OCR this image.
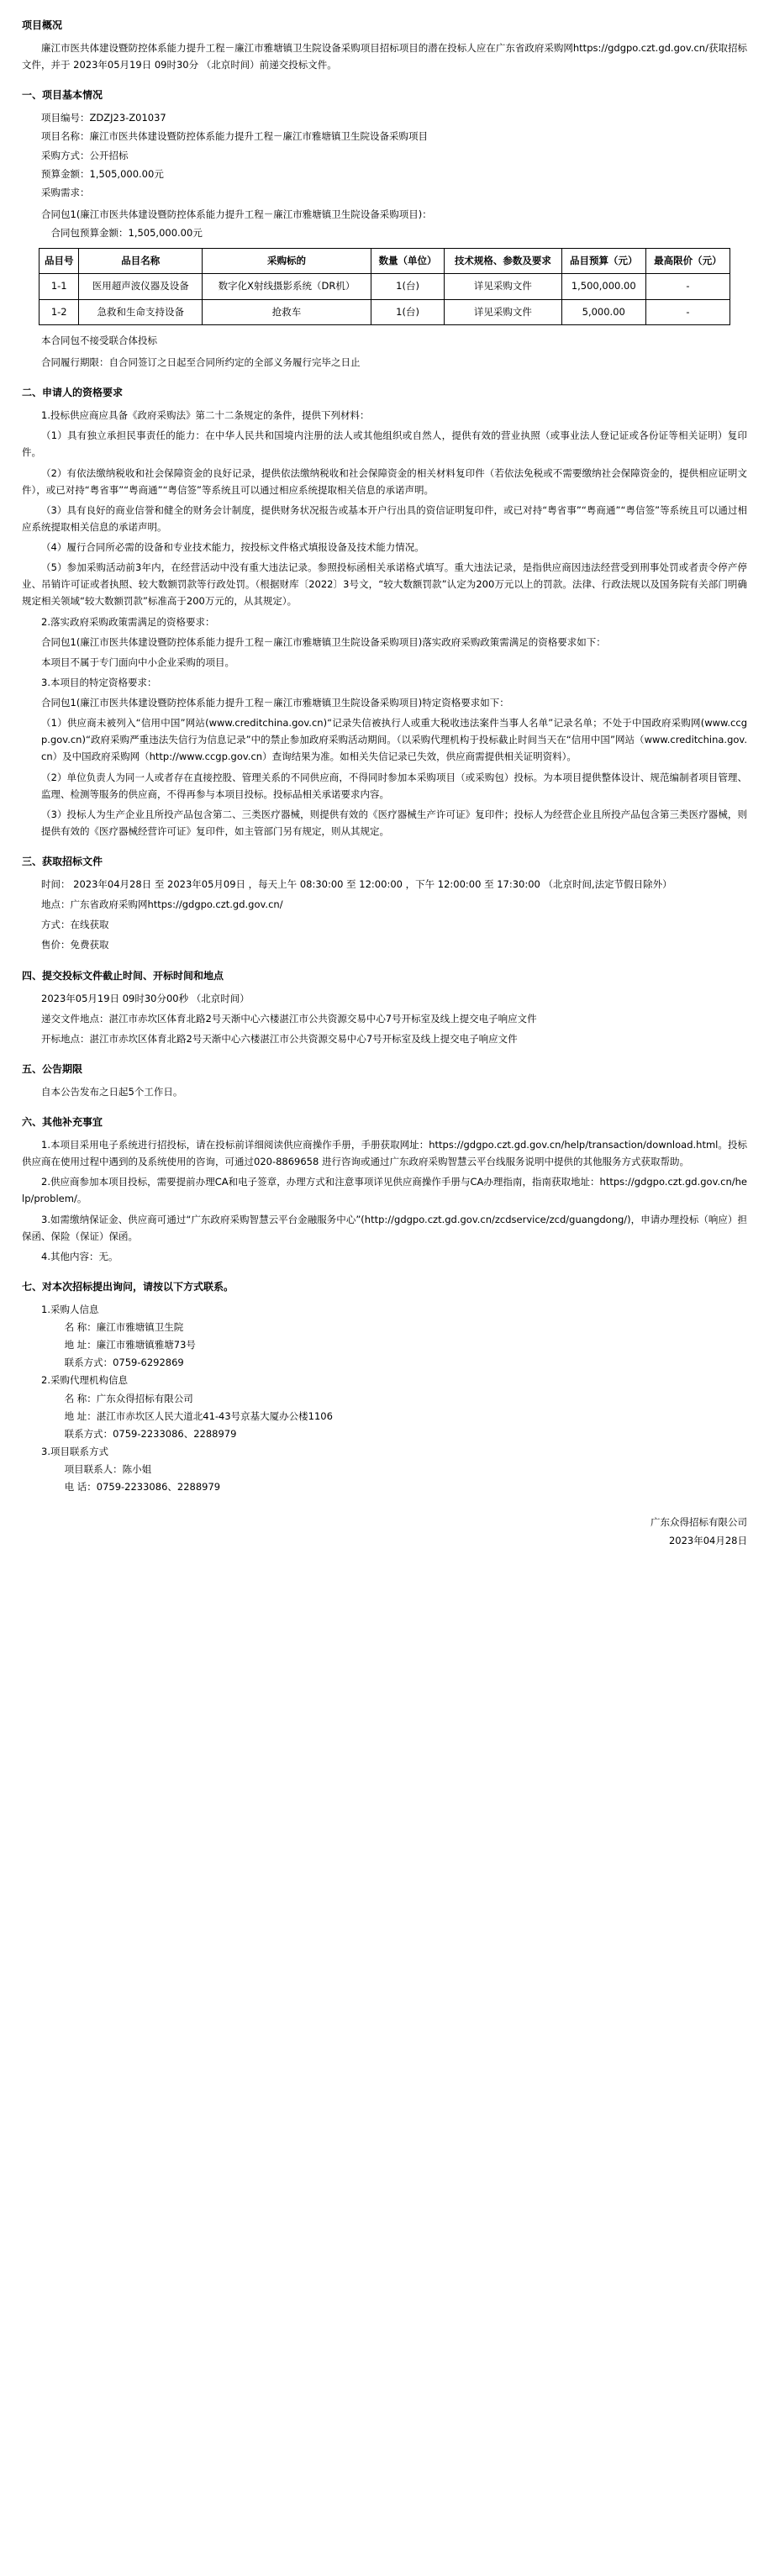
项目概况

廉江市医共体建设暨防控体系能力提升工程－廉江市雅塘镇卫生院设备采购项目招标项目的潜在投标人应在广东省政府采购网https://gdgpo.czt.gd.gov.cn/获取招标文件，并于 2023年05月19日 09时30分 （北京时间）前递交投标文件。

一、项目基本情况

项目编号：ZDZJ23-Z01037

项目名称：廉江市医共体建设暨防控体系能力提升工程－廉江市雅塘镇卫生院设备采购项目

采购方式：公开招标

预算金额：1,505,000.00元

采购需求：

合同包1(廉江市医共体建设暨防控体系能力提升工程－廉江市雅塘镇卫生院设备采购项目)：

合同包预算金额：1,505,000.00元

品目号	品目名称	采购标的	数量（单位）	技术规格、参数及要求	品目预算（元）	最高限价（元）
1-1	医用超声波仪器及设备	数字化X射线摄影系统（DR机）	1(台)	详见采购文件	1,500,000.00	-
1-2	急救和生命支持设备	抢救车	1(台)	详见采购文件	5,000.00	-

本合同包不接受联合体投标

合同履行期限：自合同签订之日起至合同所约定的全部义务履行完毕之日止

二、申请人的资格要求

1.投标供应商应具备《政府采购法》第二十二条规定的条件，提供下列材料：

（1）具有独立承担民事责任的能力：在中华人民共和国境内注册的法人或其他组织或自然人，提供有效的营业执照（或事业法人登记证或各份证等相关证明）复印件。

（2）有依法缴纳税收和社会保障资金的良好记录，提供依法缴纳税收和社会保障资金的相关材料复印件（若依法免税或不需要缴纳社会保障资金的，提供相应证明文件），或已对持“粤省事”“粤商通”“粤信签”等系统且可以通过相应系统提取相关信息的承诺声明。

（3）具有良好的商业信誉和健全的财务会计制度，提供财务状况报告或基本开户行出具的资信证明复印件，或已对持“粤省事”“粤商通”“粤信签”等系统且可以通过相应系统提取相关信息的承诺声明。

（4）履行合同所必需的设备和专业技术能力，按投标文件格式填报设备及技术能力情况。

（5）参加采购活动前3年内，在经营活动中没有重大违法记录。参照投标函相关承诺格式填写。重大违法记录，是指供应商因违法经营受到刑事处罚或者责令停产停业、吊销许可证或者执照、较大数额罚款等行政处罚。（根据财库〔2022〕3号文，“较大数额罚款”认定为200万元以上的罚款。法律、行政法规以及国务院有关部门明确规定相关领域“较大数额罚款”标准高于200万元的，从其规定）。

2.落实政府采购政策需满足的资格要求：

合同包1(廉江市医共体建设暨防控体系能力提升工程－廉江市雅塘镇卫生院设备采购项目)落实政府采购政策需满足的资格要求如下：

本项目不属于专门面向中小企业采购的项目。

3.本项目的特定资格要求：

合同包1(廉江市医共体建设暨防控体系能力提升工程－廉江市雅塘镇卫生院设备采购项目)特定资格要求如下：

（1）供应商未被列入“信用中国”网站(www.creditchina.gov.cn)“记录失信被执行人或重大税收违法案件当事人名单”记录名单；不处于中国政府采购网(www.ccgp.gov.cn)“政府采购严重违法失信行为信息记录”中的禁止参加政府采购活动期间。（以采购代理机构于投标截止时间当天在“信用中国”网站（www.creditchina.gov.cn）及中国政府采购网（http://www.ccgp.gov.cn）查询结果为准。如相关失信记录已失效，供应商需提供相关证明资料）。

（2）单位负责人为同一人或者存在直接控股、管理关系的不同供应商，不得同时参加本采购项目（或采购包）投标。为本项目提供整体设计、规范编制者项目管理、监理、检测等服务的供应商，不得再参与本项目投标。投标品相关承诺要求内容。

（3）投标人为生产企业且所投产品包含第二、三类医疗器械，则提供有效的《医疗器械生产许可证》复印件；投标人为经营企业且所投产品包含第三类医疗器械，则提供有效的《医疗器械经营许可证》复印件，如主管部门另有规定，则从其规定。

三、获取招标文件

时间： 2023年04月28日 至 2023年05月09日 ，每天上午 08:30:00 至 12:00:00 ，下午 12:00:00 至 17:30:00 （北京时间,法定节假日除外）

地点：广东省政府采购网https://gdgpo.czt.gd.gov.cn/

方式：在线获取

售价：免费获取

四、提交投标文件截止时间、开标时间和地点

2023年05月19日 09时30分00秒 （北京时间）

递交文件地点：湛江市赤坎区体育北路2号天渐中心六楼湛江市公共资源交易中心7号开标室及线上提交电子响应文件

开标地点：湛江市赤坎区体育北路2号天渐中心六楼湛江市公共资源交易中心7号开标室及线上提交电子响应文件

五、公告期限

自本公告发布之日起5个工作日。

六、其他补充事宜

1.本项目采用电子系统进行招投标，请在投标前详细阅读供应商操作手册，手册获取网址：https://gdgpo.czt.gd.gov.cn/help/transaction/download.html。投标供应商在使用过程中遇到的及系统使用的咨询，可通过020-8869658 进行咨询或通过广东政府采购智慧云平台线服务说明中提供的其他服务方式获取帮助。

2.供应商参加本项目投标，需要提前办理CA和电子签章，办理方式和注意事项详见供应商操作手册与CA办理指南，指南获取地址：https://gdgpo.czt.gd.gov.cn/help/problem/。

3.如需缴纳保证金、供应商可通过“广东政府采购智慧云平台金融服务中心”(http://gdgpo.czt.gd.gov.cn/zcdservice/zcd/guangdong/)，申请办理投标（响应）担保函、保险（保证）保函。

4.其他内容：无。

七、对本次招标提出询问，请按以下方式联系。

1.采购人信息

名 称：廉江市雅塘镇卫生院

地 址：廉江市雅塘镇雅塘73号

联系方式：0759-6292869

2.采购代理机构信息

名 称：广东众得招标有限公司

地 址：湛江市赤坎区人民大道北41-43号京基大厦办公楼1106

联系方式：0759-2233086、2288979

3.项目联系方式

项目联系人：陈小姐

电 话：0759-2233086、2288979

广东众得招标有限公司
2023年04月28日
